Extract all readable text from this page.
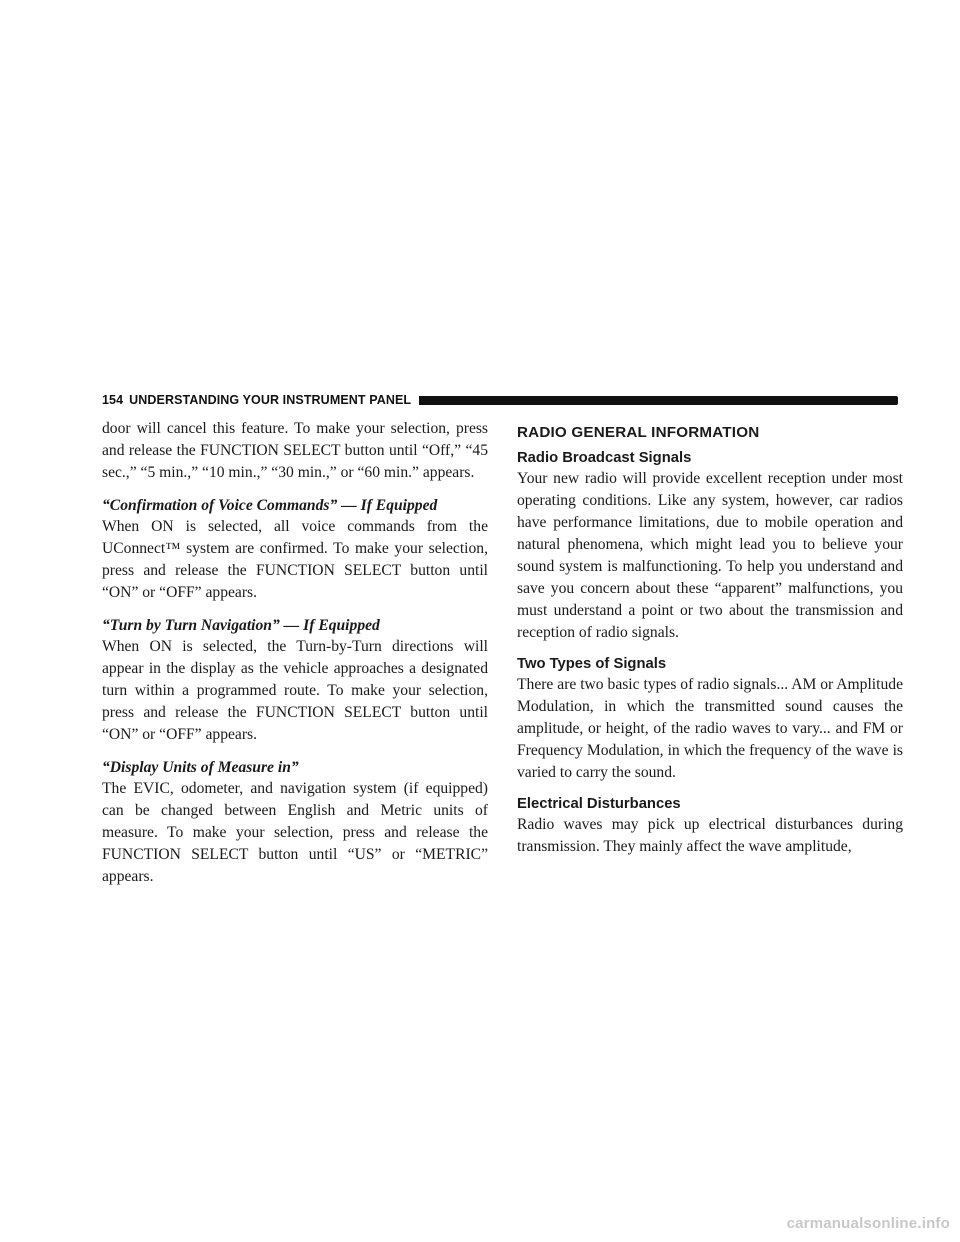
154 UNDERSTANDING YOUR INSTRUMENT PANEL

door will cancel this feature. To make your selection, press and release the FUNCTION SELECT button until “Off,” “45 sec.,” “5 min.,” “10 min.,” “30 min.,” or “60 min.” appears.

“Confirmation of Voice Commands” — If Equipped

When ON is selected, all voice commands from the UConnect™ system are confirmed. To make your selection, press and release the FUNCTION SELECT button until “ON” or “OFF” appears.

“Turn by Turn Navigation” — If Equipped

When ON is selected, the Turn-by-Turn directions will appear in the display as the vehicle approaches a designated turn within a programmed route. To make your selection, press and release the FUNCTION SELECT button until “ON” or “OFF” appears.

“Display Units of Measure in”

The EVIC, odometer, and navigation system (if equipped) can be changed between English and Metric units of measure. To make your selection, press and release the FUNCTION SELECT button until “US” or “METRIC” appears.

RADIO GENERAL INFORMATION
Radio Broadcast Signals

Your new radio will provide excellent reception under most operating conditions. Like any system, however, car radios have performance limitations, due to mobile operation and natural phenomena, which might lead you to believe your sound system is malfunctioning. To help you understand and save you concern about these “apparent” malfunctions, you must understand a point or two about the transmission and reception of radio signals.

Two Types of Signals

There are two basic types of radio signals... AM or Amplitude Modulation, in which the transmitted sound causes the amplitude, or height, of the radio waves to vary... and FM or Frequency Modulation, in which the frequency of the wave is varied to carry the sound.

Electrical Disturbances

Radio waves may pick up electrical disturbances during transmission. They mainly affect the wave amplitude,

carmanualsonline.info
